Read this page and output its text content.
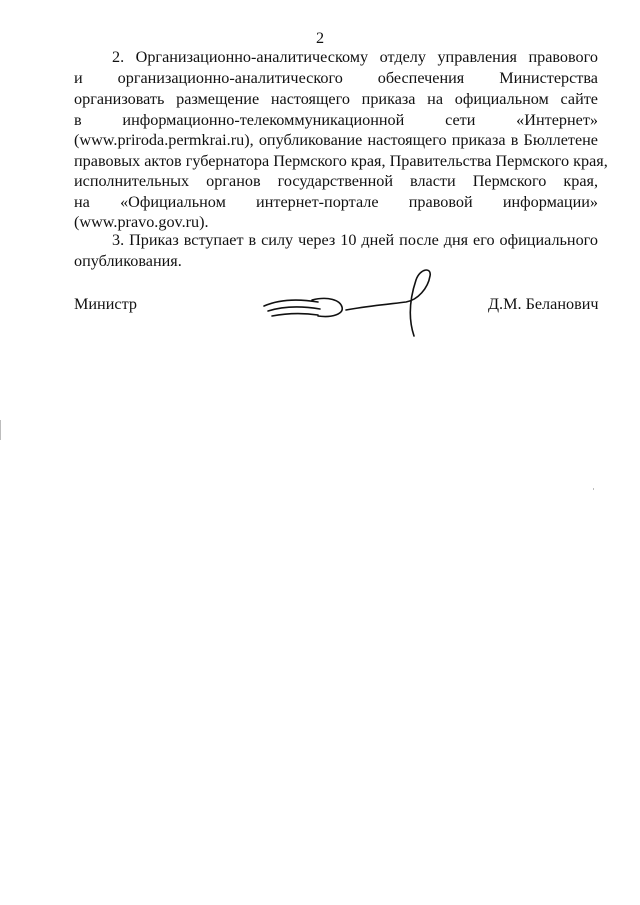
2
2. Организационно-аналитическому отделу управления правового
и организационно-аналитического обеспечения Министерства
организовать размещение настоящего приказа на официальном сайте
в информационно-телекоммуникационной сети «Интернет»
(www.priroda.permkrai.ru), опубликование настоящего приказа в Бюллетене
правовых актов губернатора Пермского края, Правительства Пермского края,
исполнительных органов государственной власти Пермского края,
на «Официальном интернет-портале правовой информации»
(www.pravo.gov.ru).
3. Приказ вступает в силу через 10 дней после дня его официального
опубликования.
Министр	Д.М. Беланович
